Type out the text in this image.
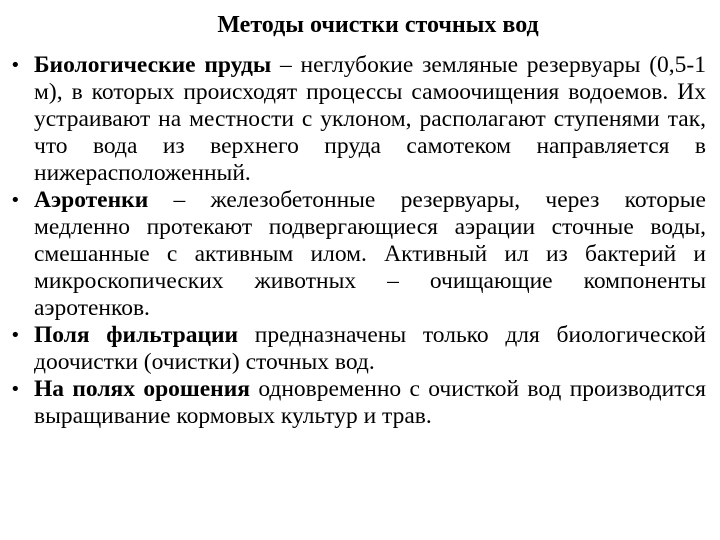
Методы очистки сточных вод
• Биологические пруды – неглубокие земляные резервуары (0,5-1 м), в которых происходят процессы самоочищения водоемов. Их устраивают на местности с уклоном, располагают ступенями так, что вода из верхнего пруда самотеком направляется в нижерасположенный.
• Аэротенки – железобетонные резервуары, через которые медленно протекают подвергающиеся аэрации сточные воды, смешанные с активным илом. Активный ил из бактерий и микроскопических животных – очищающие компоненты аэротенков.
• Поля фильтрации предназначены только для биологической доочистки (очистки) сточных вод.
• На полях орошения одновременно с очисткой вод производится выращивание кормовых культур и трав.
